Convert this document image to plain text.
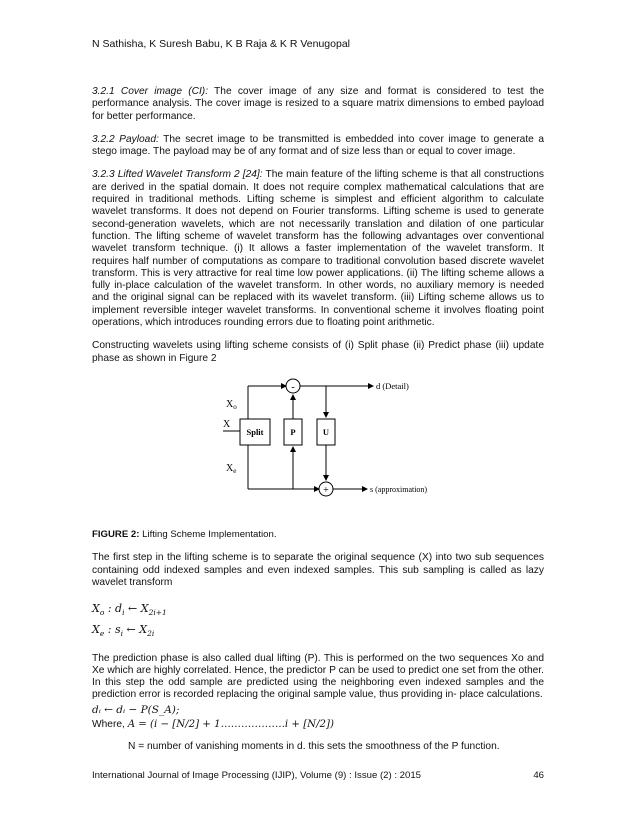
N Sathisha, K Suresh Babu, K B Raja & K R Venugopal

3.2.1 Cover image (CI): The cover image of any size and format is considered to test the performance analysis. The cover image is resized to a square matrix dimensions to embed payload for better performance.

3.2.2 Payload: The secret image to be transmitted is embedded into cover image to generate a stego image. The payload may be of any format and of size less than or equal to cover image.

3.2.3 Lifted Wavelet Transform 2 [24]: The main feature of the lifting scheme is that all constructions are derived in the spatial domain. It does not require complex mathematical calculations that are required in traditional methods. Lifting scheme is simplest and efficient algorithm to calculate wavelet transforms. It does not depend on Fourier transforms. Lifting scheme is used to generate second-generation wavelets, which are not necessarily translation and dilation of one particular function. The lifting scheme of wavelet transform has the following advantages over conventional wavelet transform technique. (i) It allows a faster implementation of the wavelet transform. It requires half number of computations as compare to traditional convolution based discrete wavelet transform. This is very attractive for real time low power applications. (ii) The lifting scheme allows a fully in-place calculation of the wavelet transform. In other words, no auxiliary memory is needed and the original signal can be replaced with its wavelet transform. (iii) Lifting scheme allows us to implement reversible integer wavelet transforms. In conventional scheme it involves floating point operations, which introduces rounding errors due to floating point arithmetic.

Constructing wavelets using lifting scheme consists of (i) Split phase (ii) Predict phase (iii) update phase as shown in Figure 2

X
Split
$X_o$
$X_e$
-	d (Detail)
P	U
+	s (approximation)

FIGURE 2: Lifting Scheme Implementation.

The first step in the lifting scheme is to separate the original sequence (X) into two sub sequences containing odd indexed samples and even indexed samples. This sub sampling is called as lazy wavelet transform

$X_o$ : $d_i$ ← $X_{2i+1}$
$X_e$ : $s_i$ ← $X_{2i}$

The prediction phase is also called dual lifting (P). This is performed on the two sequences Xo and Xe which are highly correlated. Hence, the predictor P can be used to predict one set from the other. In this step the odd sample are predicted using the neighboring even indexed samples and the prediction error is recorded replacing the original sample value, thus providing in- place calculations.

dᵢ ← dᵢ − P(S_A);
Where, A = (i − [N/2] + 1……………….i + [N/2])

N = number of vanishing moments in d. this sets the smoothness of the P function.

International Journal of Image Processing (IJIP), Volume (9) : Issue (2) : 2015	46
